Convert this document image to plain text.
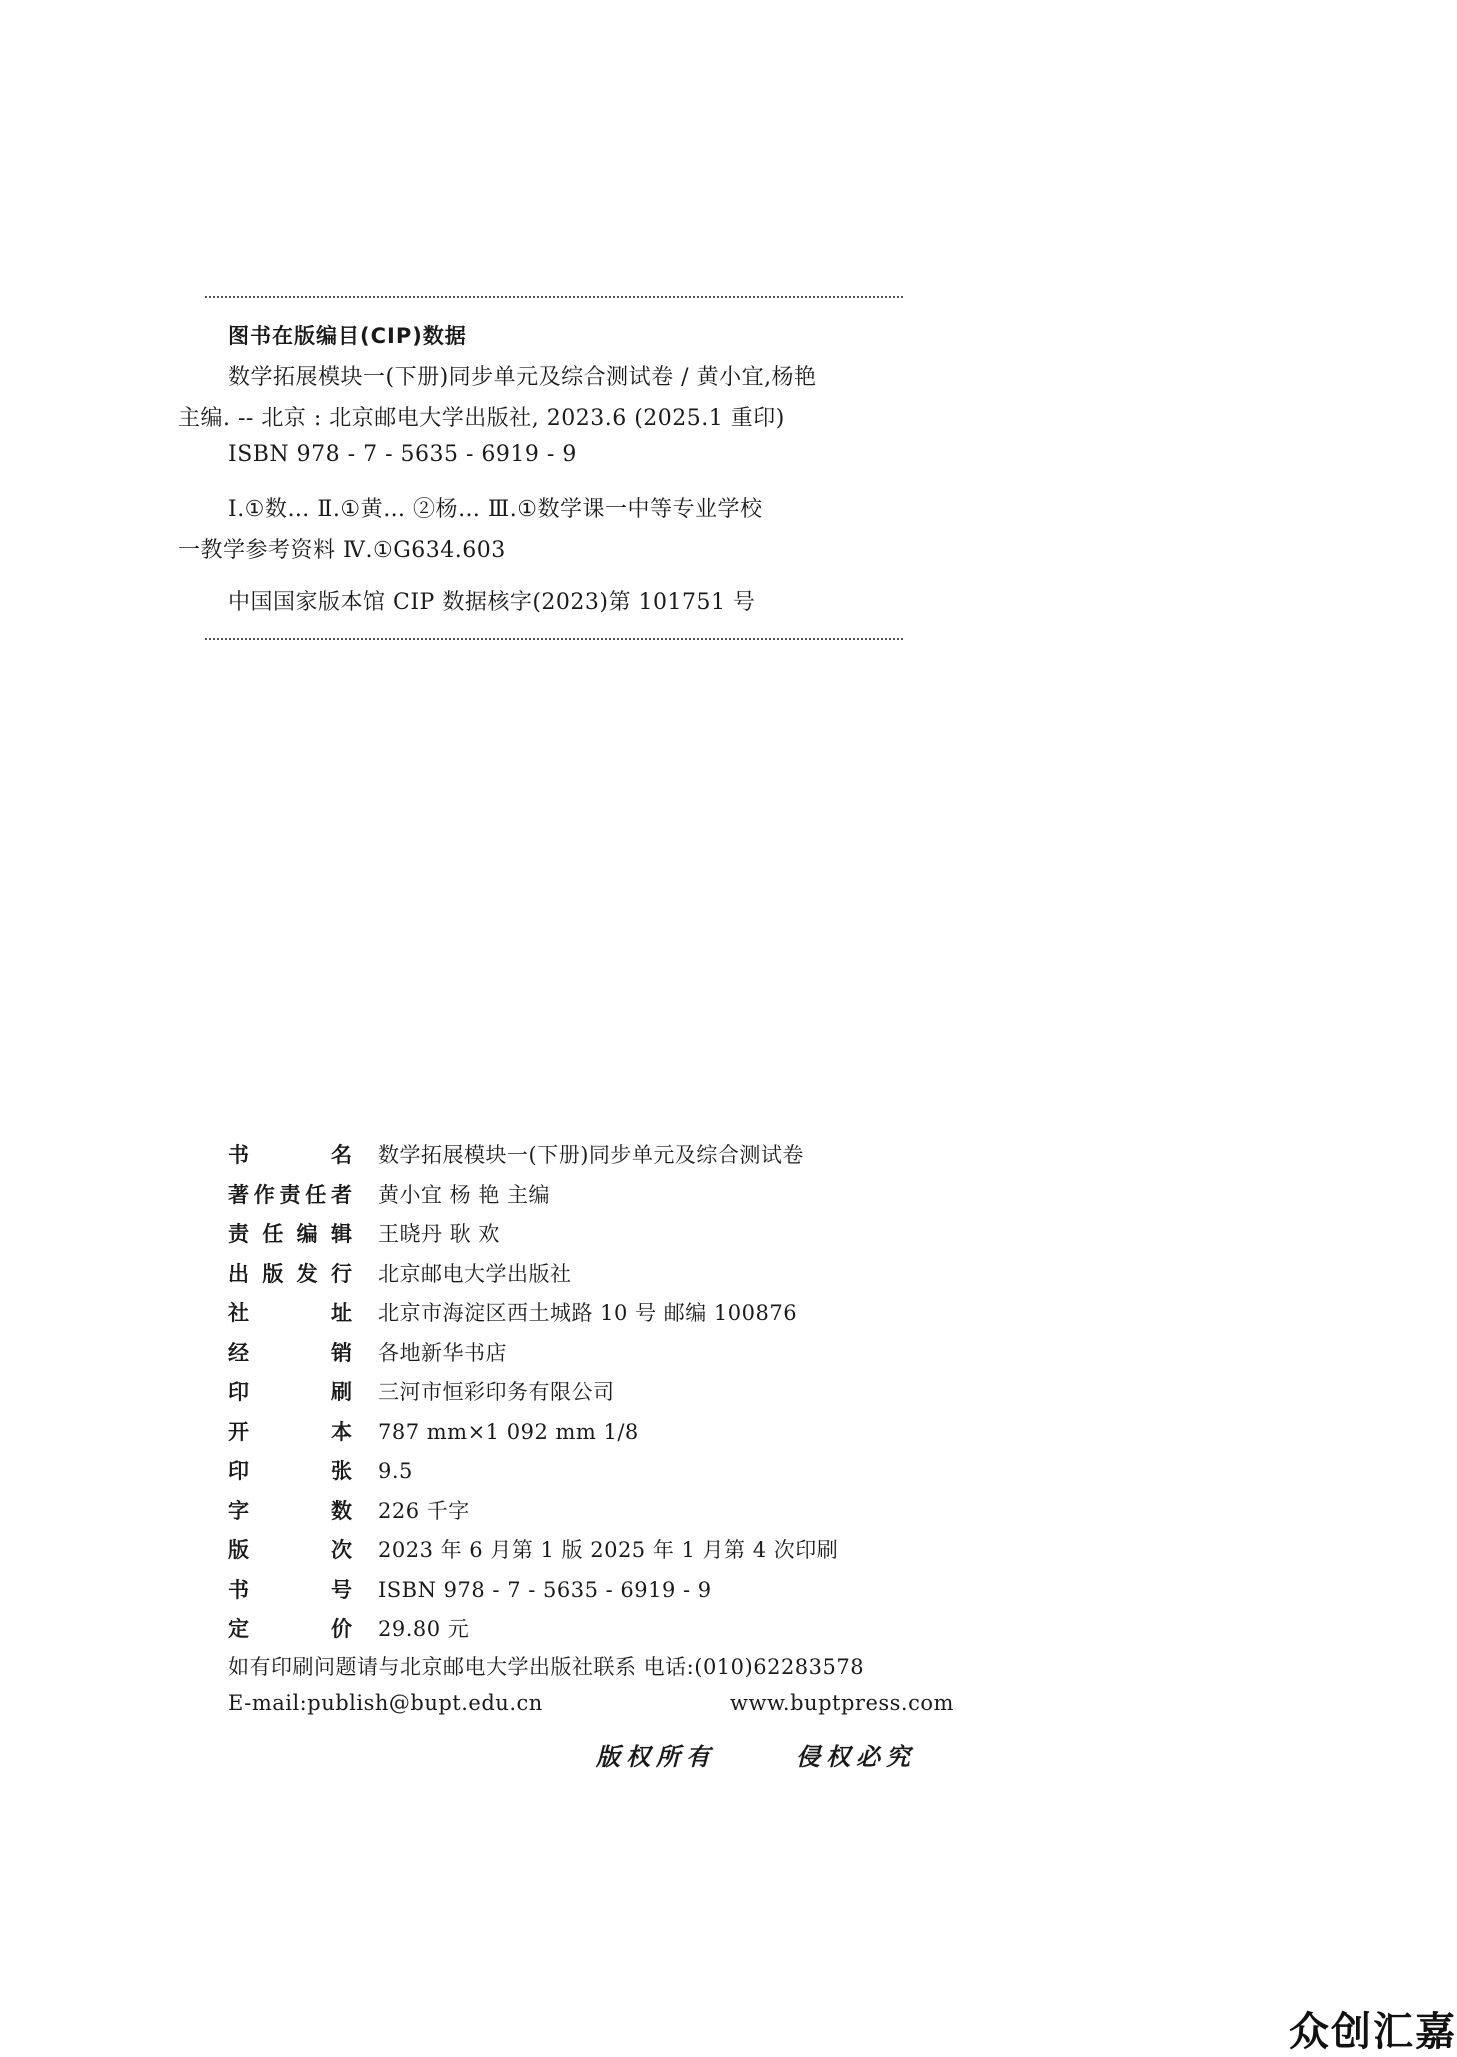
图书在版编目(CIP)数据
数学拓展模块一(下册)同步单元及综合测试卷 / 黄小宜,杨艳
主编. -- 北京 : 北京邮电大学出版社, 2023.6 (2025.1 重印)
ISBN 978 - 7 - 5635 - 6919 - 9
Ⅰ.①数… Ⅱ.①黄… ②杨… Ⅲ.①数学课一中等专业学校
一教学参考资料 Ⅳ.①G634.603
中国国家版本馆 CIP 数据核字(2023)第 101751 号
书	名 数学拓展模块一(下册)同步单元及综合测试卷
著 作 责 任 者 黄小宜 杨 艳 主编
责 任 编 辑 王晓丹 耿 欢
出 版 发 行 北京邮电大学出版社
社	址 北京市海淀区西土城路 10 号 邮编 100876
经	销 各地新华书店
印	刷 三河市恒彩印务有限公司
开	本 787 mm×1 092 mm 1/8
印	张 9.5
字	数 226 千字
版	次 2023 年 6 月第 1 版 2025 年 1 月第 4 次印刷
书	号 ISBN 978 - 7 - 5635 - 6919 - 9
定	价 29.80 元
如有印刷问题请与北京邮电大学出版社联系 电话:(010)62283578
E-mail:publish@bupt.edu.cn	www.buptpress.com
版权所有	侵权必究
众创汇嘉
